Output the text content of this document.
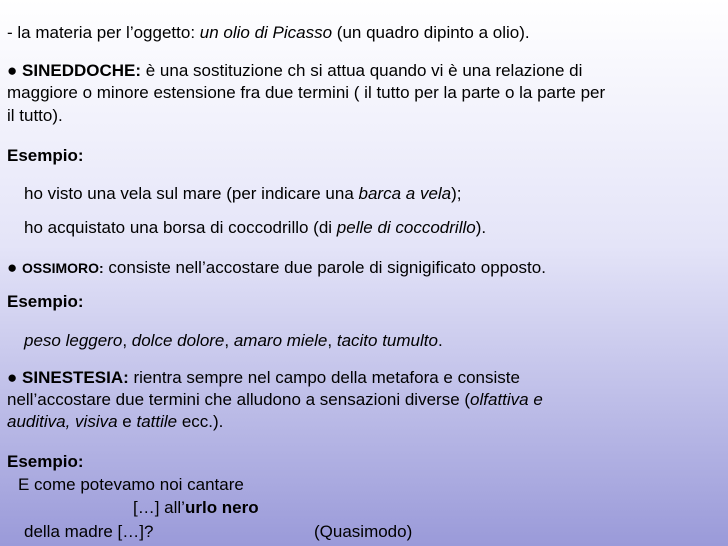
- la materia per l’oggetto: un olio di Picasso (un quadro dipinto a olio).
● SINEDDOCHE: è una sostituzione ch si attua quando vi è una relazione di
maggiore o minore estensione fra due termini ( il tutto per la parte o la parte per
il tutto).
Esempio:
ho visto una vela sul mare (per indicare una barca a vela);
ho acquistato una borsa di coccodrillo (di pelle di coccodrillo).
● OSSIMORO: consiste nell’accostare due parole di signigificato opposto.
Esempio:
peso leggero, dolce dolore, amaro miele, tacito tumulto.
● SINESTESIA: rientra sempre nel campo della metafora e consiste
nell’accostare due termini che alludono a sensazioni diverse (olfattiva e
auditiva, visiva e tattile ecc.).
Esempio:
E come potevamo noi cantare
[…] all’urlo nero
della madre […]?	(Quasimodo)
